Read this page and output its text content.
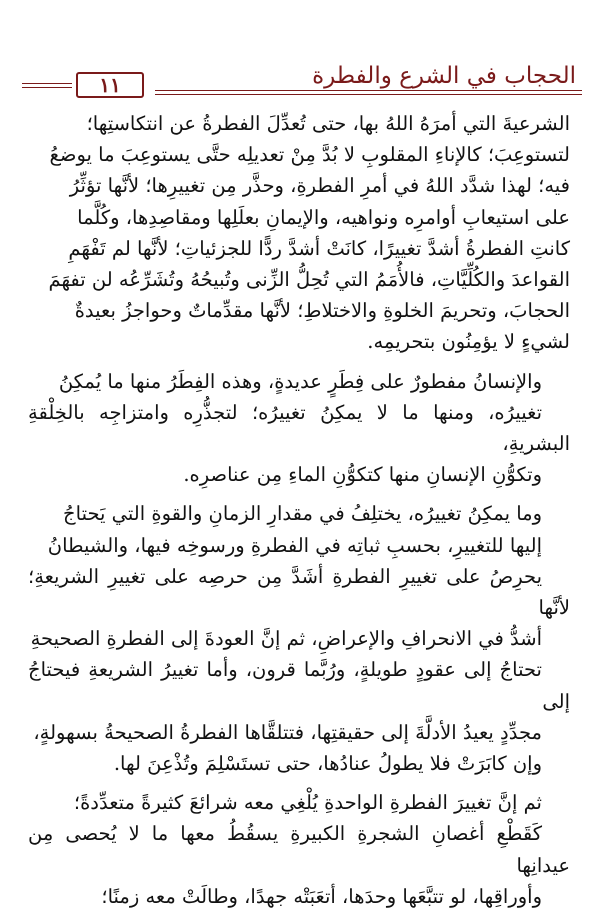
الحجاب في الشرع والفطرة
١١

الشرعيةَ التي أمرَهُ اللهُ بها، حتى تُعدِّلَ الفطرةُ عن انتكاستِها؛
لتستوعِبَ؛ كالإناءِ المقلوبِ لا بُدَّ مِنْ تعديلِه حتَّى يستوعِبَ ما يوضعُ
فيه؛ لهذا شدَّد اللهُ في أمرِ الفطرةِ، وحذَّر مِن تغييرِها؛ لأنَّها تؤثِّرُ
على استيعابِ أوامرِه ونواهيه، والإيمانِ بعلَلِها ومقاصِدِها، وكُلَّما
كانتِ الفطرةُ أشدَّ تغييرًا، كانَتْ أشدَّ ردًّا للجزئياتِ؛ لأنَّها لم تَفْهَمِ
القواعدَ والكُلِّيَّاتِ، فالأُمَمُ التي تُحِلُّ الزِّنى وتُبيحُهُ وتُشَرِّعُه لن تفهَمَ
الحجابَ، وتحريمَ الخلوةِ والاختلاطِ؛ لأنَّها مقدِّماتٌ وحواجزُ بعيدةٌ
لشيءٍ لا يؤمِنُون بتحريمِه.

والإنسانُ مفطورٌ على فِطَرٍ عديدةٍ، وهذه الفِطَرُ منها ما يُمكِنُ
تغييرُه، ومنها ما لا يمكِنُ تغييرُه؛ لتجذُّرِه وامتزاجِه بالخِلْقةِ البشريةِ،
وتكوُّنِ الإنسانِ منها كتكوُّنِ الماءِ مِن عناصرِه.

وما يمكِنُ تغييرُه، يختلِفُ في مقدارِ الزمانِ والقوةِ التي يَحتاجُ
إليها للتغييرِ، بحسبِ ثباتِه في الفطرةِ ورسوخِه فيها، والشيطانُ
يحرِصُ على تغييرِ الفطرةِ أشَدَّ مِن حرصِه على تغييرِ الشريعةِ؛ لأنَّها
أشدُّ في الانحرافِ والإعراضِ، ثم إنَّ العودةَ إلى الفطرةِ الصحيحةِ
تحتاجُ إلى عقودٍ طويلةٍ، ورُبَّما قرون، وأما تغييرُ الشريعةِ فيحتاجُ إلى
مجدِّدٍ يعيدُ الأدلَّةَ إلى حقيقتِها، فتتلقَّاها الفطرةُ الصحيحةُ بسهولةٍ،
وإن كابَرَتْ فلا يطولُ عنادُها، حتى تستَسْلِمَ وتُذْعِنَ لها.

ثم إنَّ تغييرَ الفطرةِ الواحدةِ يُلْغِي معه شرائعَ كثيرةً متعدِّدةً؛
كَقَطْعِ أغصانِ الشجرةِ الكبيرةِ يسقُطُ معها ما لا يُحصى مِن عيدانِها
وأوراقِها، لو تتبَّعَها وحدَها، أتعَبَتْه جهدًا، وطالَتْ معه زمنًا؛
